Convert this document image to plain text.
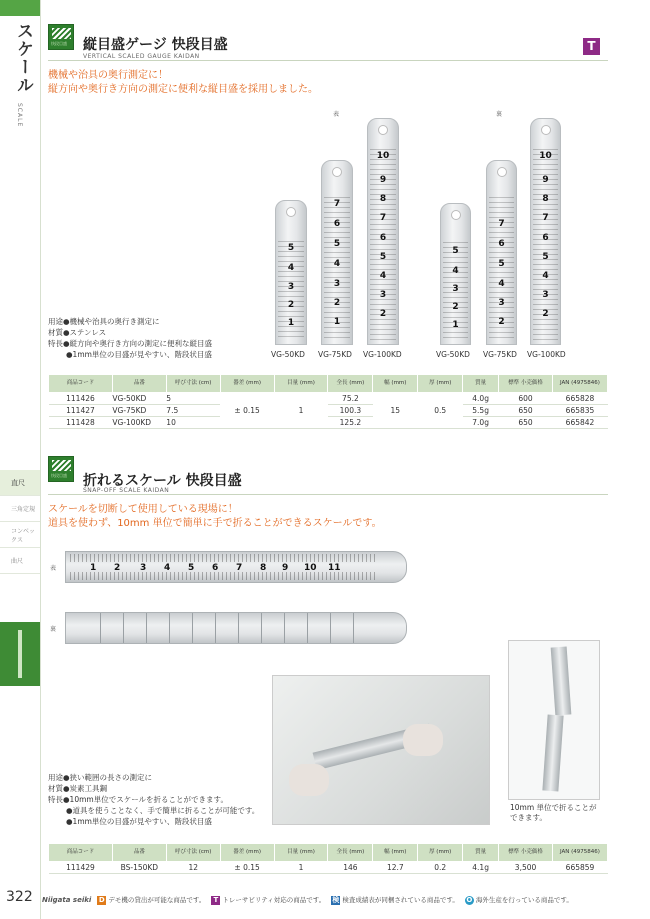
スケール
SCALE
直尺
三角定規
コンベックス
曲尺
322
快段目盛 縦目盛ゲージ 快段目盛
VERTICAL SCALED GAUGE KAIDAN
T
機械や治具の奥行測定に！
縦方向や奥行き方向の測定に便利な縦目盛を採用しました。
表	裏
5
4
3
2
1
7
6
5
4
3
2
1
10
9
8
7
6
5
4
3
2
5
4
3
2
1
7
6
5
4
3
2
10
9
8
7
6
5
4
3
2
VG-50KD VG-75KD VG-100KD	VG-50KD VG-75KD VG-100KD
用途●機械や治具の奥行き測定に
材質●ステンレス
特長●縦方向や奥行き方向の測定に便利な縦目盛
●1mm単位の目盛が見やすい、階段状目盛
商品コード	品番	呼び寸法 (cm)	器差 (mm)	目量 (mm)	全長 (mm)	幅 (mm)	厚 (mm)	質量	標準 小売価格	JAN (4975846)
111426	VG-50KD	5	± 0.15	1	75.2	15	0.5	4.0g	600	665828
111427	VG-75KD	7.5			100.3			5.5g	650	665835
111428	VG-100KD	10			125.2			7.0g	650	665842
快段目盛 折れるスケール 快段目盛
SNAP-OFF SCALE KAIDAN
スケールを切断して使用している現場に！
道具を使わず、10mm 単位で簡単に手で折ることができるスケールです。
表
裏
1 2 3 4 5 6 7 8 9 10 11
10mm 単位で折ることが
できます。
用途●狭い範囲の長さの測定に
材質●炭素工具鋼
特長●10mm単位でスケールを折ることができます。
●道具を使うことなく、手で簡単に折ることが可能です。
●1mm単位の目盛が見やすい、階段状目盛
商品コード	品番	呼び寸法 (cm)	器差 (mm)	目量 (mm)	全長 (mm)	幅 (mm)	厚 (mm)	質量	標準 小売価格	JAN (4975846)
111429	BS-150KD	12	± 0.15	1	146	12.7	0.2	4.1g	3,500	665859
Niigata seiki D デモ機の貸出が可能な商品です。	T トレーサビリティ対応の商品です。 検 検査成績表が同梱されている商品です。 O 海外生産を行っている商品です。
